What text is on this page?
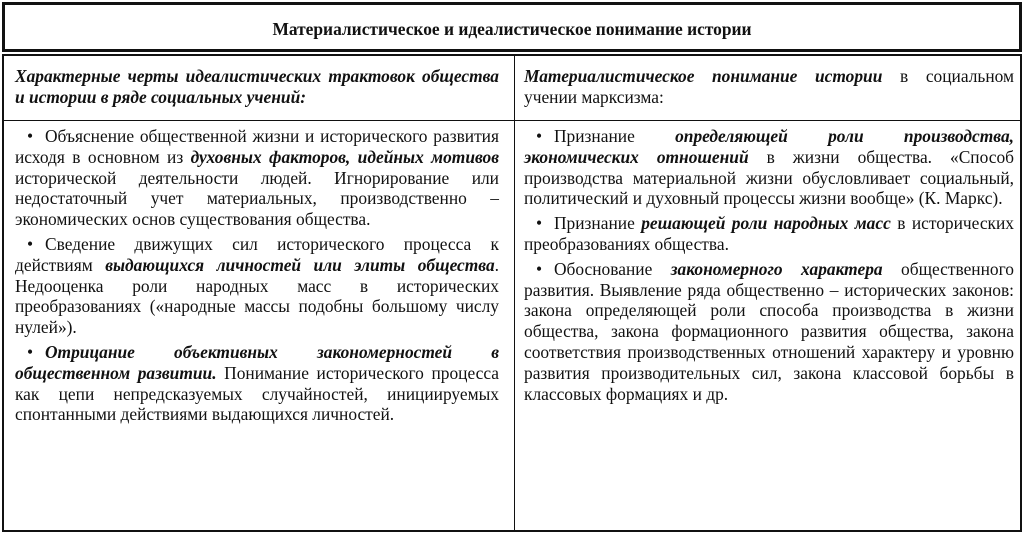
Материалистическое и идеалистическое понимание истории
Характерные черты идеалистических трактовок общества и истории в ряде социальных учений:
Материалистическое понимание истории в социальном учении марксизма:

• Объяснение общественной жизни и исторического развития исходя в основном из духовных факторов, идейных мотивов исторической деятельности людей. Игнорирование или недостаточный учет материальных, производственно – экономических основ существования общества.

• Сведение движущих сил исторического процесса к действиям выдающихся личностей или элиты общества. Недооценка роли народных масс в исторических преобразованиях («народные массы подобны большому числу нулей»).

• Отрицание объективных закономерностей в общественном развитии. Понимание исторического процесса как цепи непредсказуемых случайностей, инициируемых спонтанными действиями выдающихся личностей.

• Признание определяющей роли производства, экономических отношений в жизни общества. «Способ производства материальной жизни обусловливает социальный, политический и духовный процессы жизни вообще» (К. Маркс).

• Признание решающей роли народных масс в исторических преобразованиях общества.

• Обоснование закономерного характера общественного развития. Выявление ряда общественно – исторических законов: закона определяющей роли способа производства в жизни общества, закона формационного развития общества, закона соответствия производственных отношений характеру и уровню развития производительных сил, закона классовой борьбы в классовых формациях и др.
